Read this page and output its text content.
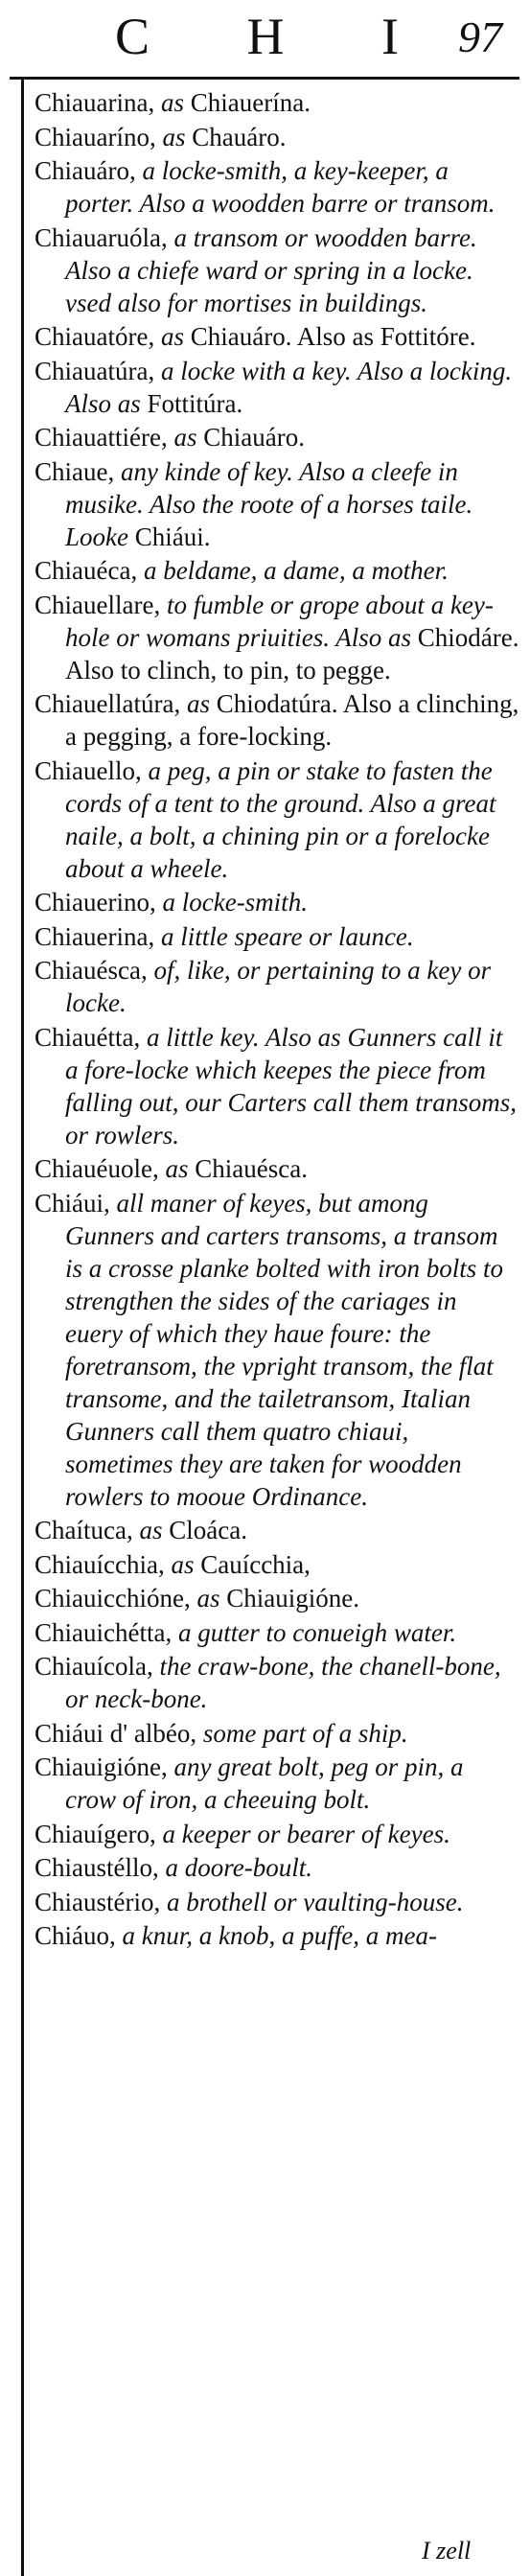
C H I 97
Chiauarina, as Chiauerína.
Chiauaríno, as Chauáro.
Chiauáro, a locke-smith, a key-keeper, a porter. Also a woodden barre or transom.
Chiauaruóla, a transom or woodden barre. Also a chiefe ward or spring in a locke. vsed also for mortises in buildings.
Chiauatóre, as Chiauáro. Also as Fottitóre.
Chiauatúra, a locke with a key. Also a locking. Also as Fottitúra.
Chiauattiére, as Chiauáro.
Chiaue, any kinde of key. Also a cleefe in musike. Also the roote of a horses taile. Looke Chiáui.
Chiauéca, a beldame, a dame, a mother.
Chiauellare, to fumble or grope about a key-hole or womans priuities. Also as Chiodáre. Also to clinch, to pin, to pegge.
Chiauellatúra, as Chiodatúra. Also a clinching, a pegging, a fore-locking.
Chiauello, a peg, a pin or stake to fasten the cords of a tent to the ground. Also a great naile, a bolt, a chining pin or a forelocke about a wheele.
Chiauerino, a locke-smith.
Chiauerina, a little speare or launce.
Chiauésca, of, like, or pertaining to a key or locke.
Chiauétta, a little key. Also as Gunners call it a fore-locke which keepes the piece from falling out, our Carters call them transoms, or rowlers.
Chiauéuole, as Chiauésca.
Chiáui, all maner of keyes, but among Gunners and carters transoms, a transom is a crosse planke bolted with iron bolts to strengthen the sides of the cariages in euery of which they haue foure: the foretransom, the vpright transom, the flat transome, and the tailetransom, Italian Gunners call them quatro chiaui, sometimes they are taken for woodden rowlers to mooue Ordinance.
Chaítuca, as Cloáca.
Chiauícchia, as Cauícchia,
Chiauicchióne, as Chiauigióne.
Chiauichétta, a gutter to conueigh water.
Chiauícola, the craw-bone, the chanell-bone, or neck-bone.
Chiáui d' albéo, some part of a ship.
Chiauigióne, any great bolt, peg or pin, a crow of iron, a cheeuing bolt.
Chiauígero, a keeper or bearer of keyes.
Chiaustéllo, a doore-boult.
Chiaustério, a brothell or vaulting-house.
Chiáuo, a knur, a knob, a puffe, a mea-
I zell
